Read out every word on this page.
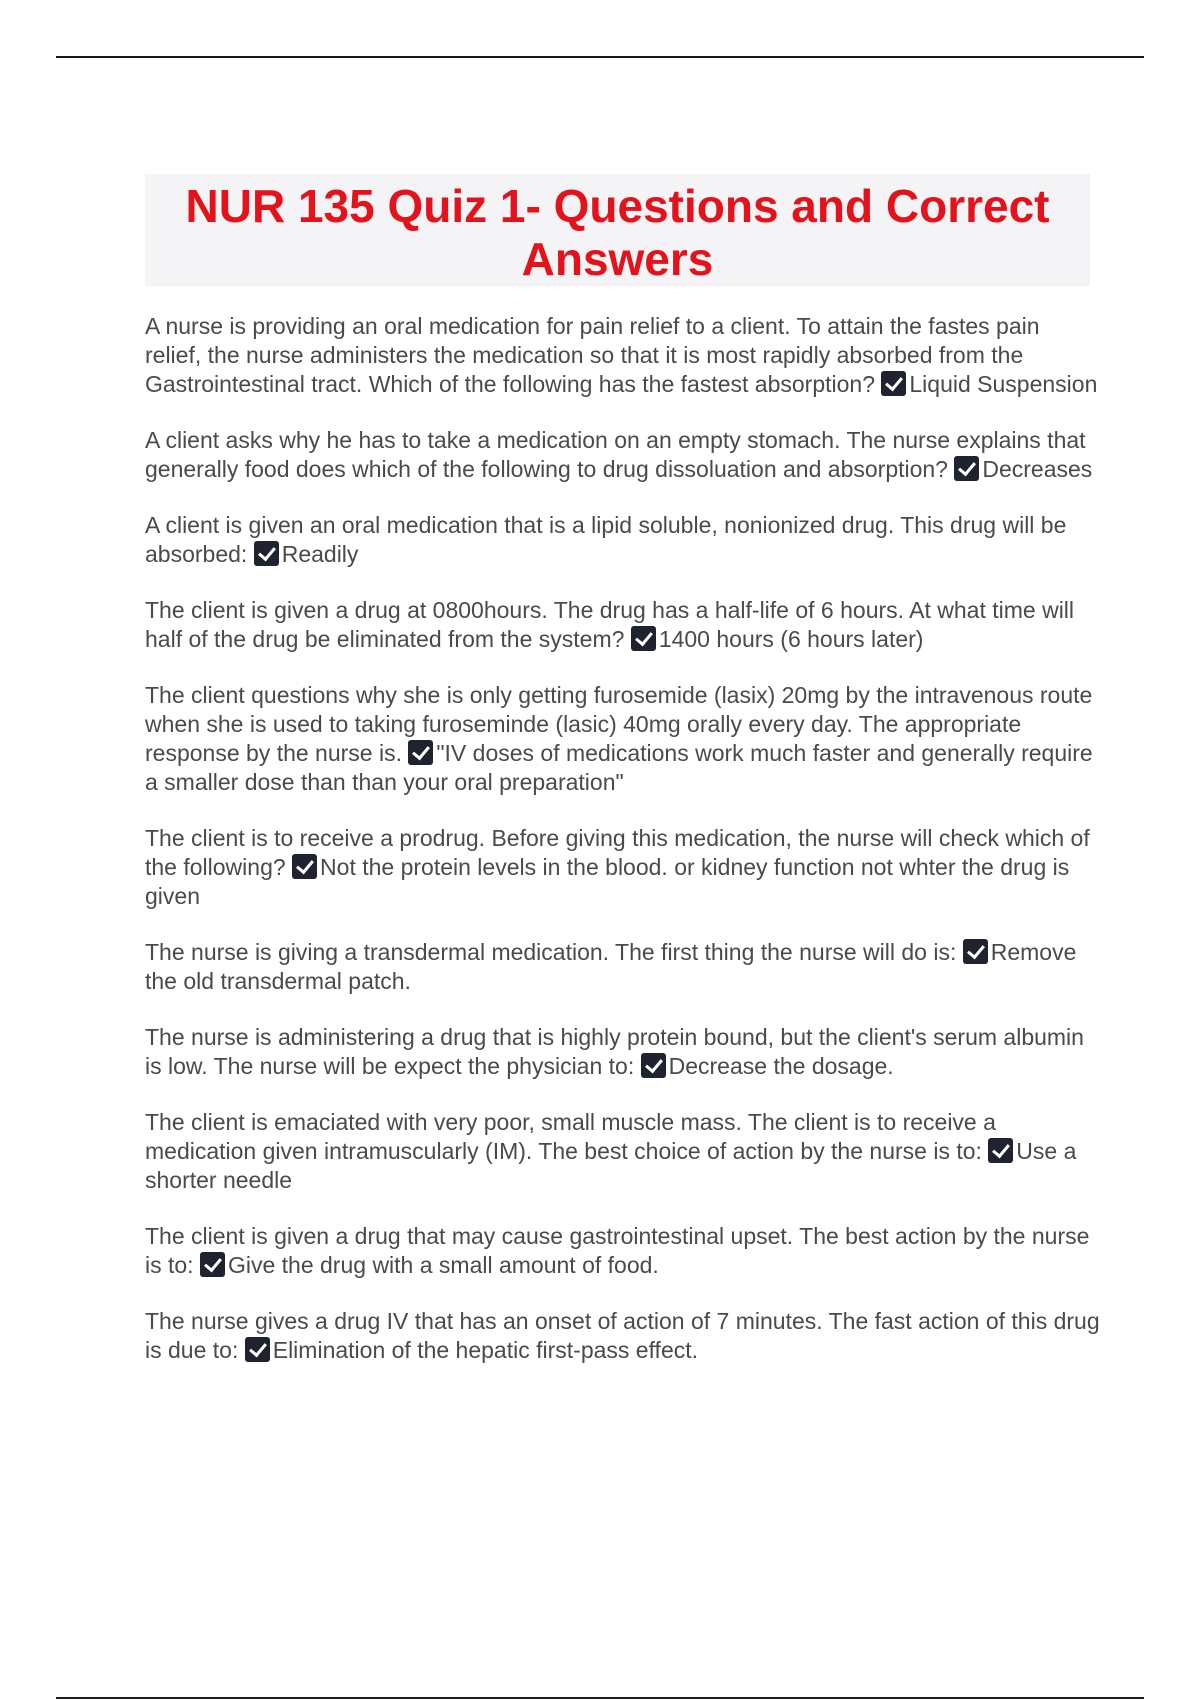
NUR 135 Quiz 1- Questions and Correct Answers

A nurse is providing an oral medication for pain relief to a client. To attain the fastes pain relief, the nurse administers the medication so that it is most rapidly absorbed from the Gastrointestinal tract. Which of the following has the fastest absorption? Liquid Suspension

A client asks why he has to take a medication on an empty stomach. The nurse explains that generally food does which of the following to drug dissoluation and absorption? Decreases

A client is given an oral medication that is a lipid soluble, nonionized drug. This drug will be absorbed: Readily

The client is given a drug at 0800hours. The drug has a half-life of 6 hours. At what time will half of the drug be eliminated from the system? 1400 hours (6 hours later)

The client questions why she is only getting furosemide (lasix) 20mg by the intravenous route when she is used to taking furoseminde (lasic) 40mg orally every day. The appropriate response by the nurse is. "IV doses of medications work much faster and generally require a smaller dose than than your oral preparation"

The client is to receive a prodrug. Before giving this medication, the nurse will check which of the following? Not the protein levels in the blood. or kidney function not whter the drug is given

The nurse is giving a transdermal medication. The first thing the nurse will do is: Remove the old transdermal patch.

The nurse is administering a drug that is highly protein bound, but the client's serum albumin is low. The nurse will be expect the physician to: Decrease the dosage.

The client is emaciated with very poor, small muscle mass. The client is to receive a medication given intramuscularly (IM). The best choice of action by the nurse is to: Use a shorter needle

The client is given a drug that may cause gastrointestinal upset. The best action by the nurse is to: Give the drug with a small amount of food.

The nurse gives a drug IV that has an onset of action of 7 minutes. The fast action of this drug is due to: Elimination of the hepatic first-pass effect.
